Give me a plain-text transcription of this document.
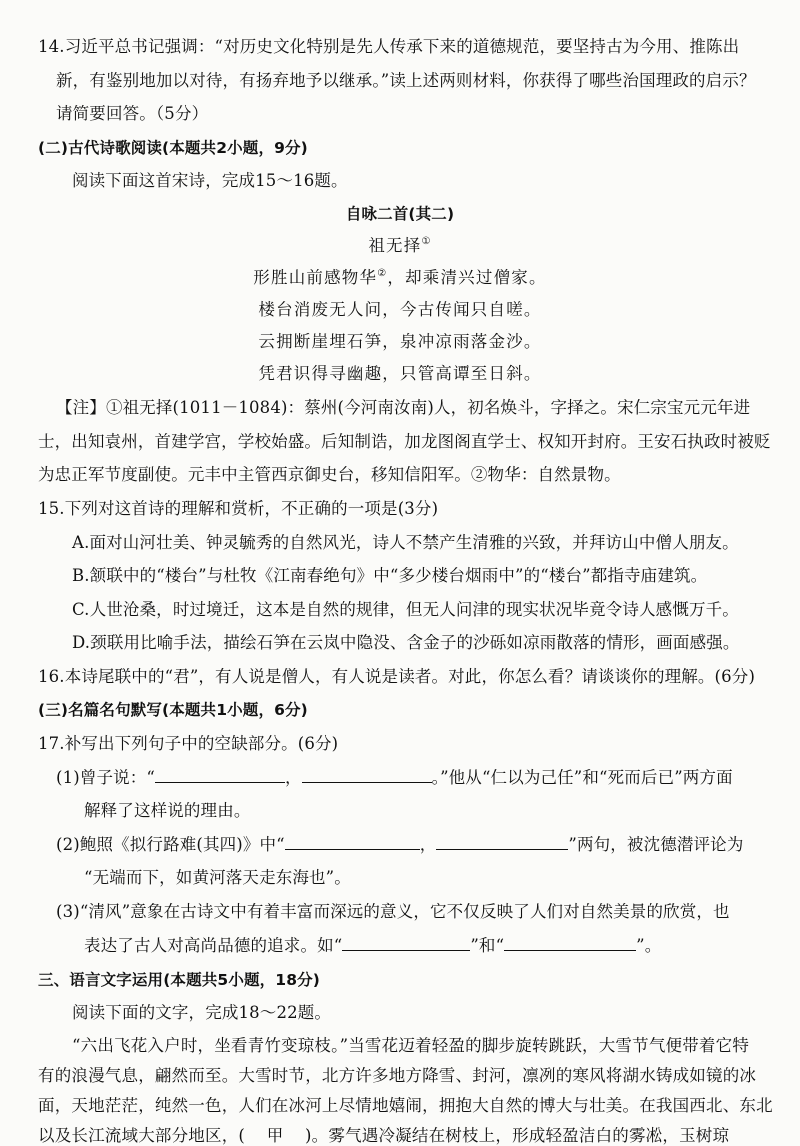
14.习近平总书记强调：“对历史文化特别是先人传承下来的道德规范，要坚持古为今用、推陈出
新，有鉴别地加以对待，有扬弃地予以继承。”读上述两则材料，你获得了哪些治国理政的启示？
请简要回答。（5分）
(二)古代诗歌阅读(本题共2小题，9分)
阅读下面这首宋诗，完成15～16题。
自咏二首(其二)
祖无择①
形胜山前感物华②，却乘清兴过僧家。
楼台消废无人问，今古传闻只自嗟。
云拥断崖埋石笋，泉冲凉雨落金沙。
凭君识得寻幽趣，只管高谭至日斜。
【注】①祖无择(1011－1084)：蔡州(今河南汝南)人，初名焕斗，字择之。宋仁宗宝元元年进
士，出知袁州，首建学宫，学校始盛。后知制诰，加龙图阁直学士、权知开封府。王安石执政时被贬
为忠正军节度副使。元丰中主管西京御史台，移知信阳军。②物华：自然景物。
15.下列对这首诗的理解和赏析，不正确的一项是(3分)
A.面对山河壮美、钟灵毓秀的自然风光，诗人不禁产生清雅的兴致，并拜访山中僧人朋友。
B.颔联中的“楼台”与杜牧《江南春绝句》中“多少楼台烟雨中”的“楼台”都指寺庙建筑。
C.人世沧桑，时过境迁，这本是自然的规律，但无人问津的现实状况毕竟令诗人感慨万千。
D.颈联用比喻手法，描绘石笋在云岚中隐没、含金子的沙砾如凉雨散落的情形，画面感强。
16.本诗尾联中的“君”，有人说是僧人，有人说是读者。对此，你怎么看？请谈谈你的理解。(6分)
(三)名篇名句默写(本题共1小题，6分)
17.补写出下列句子中的空缺部分。(6分)
(1)曾子说：“	，	。”他从“仁以为己任”和“死而后已”两方面
解释了这样说的理由。
(2)鲍照《拟行路难(其四)》中“	，	”两句，被沈德潜评论为
“无端而下，如黄河落天走东海也”。
(3)“清风”意象在古诗文中有着丰富而深远的意义，它不仅反映了人们对自然美景的欣赏，也
表达了古人对高尚品德的追求。如“	”和“	”。
三、语言文字运用(本题共5小题，18分)
阅读下面的文字，完成18～22题。
“六出飞花入户时，坐看青竹变琼枝。”当雪花迈着轻盈的脚步旋转跳跃，大雪节气便带着它特
有的浪漫气息，翩然而至。大雪时节，北方许多地方降雪、封河，凛冽的寒风将湖水铸成如镜的冰
面，天地茫茫，纯然一色，人们在冰河上尽情地嬉闹，拥抱大自然的博大与壮美。在我国西北、东北
以及长江流域大部分地区，( 甲 )。雾气遇冷凝结在树枝上，形成轻盈洁白的雾凇，玉树琼
